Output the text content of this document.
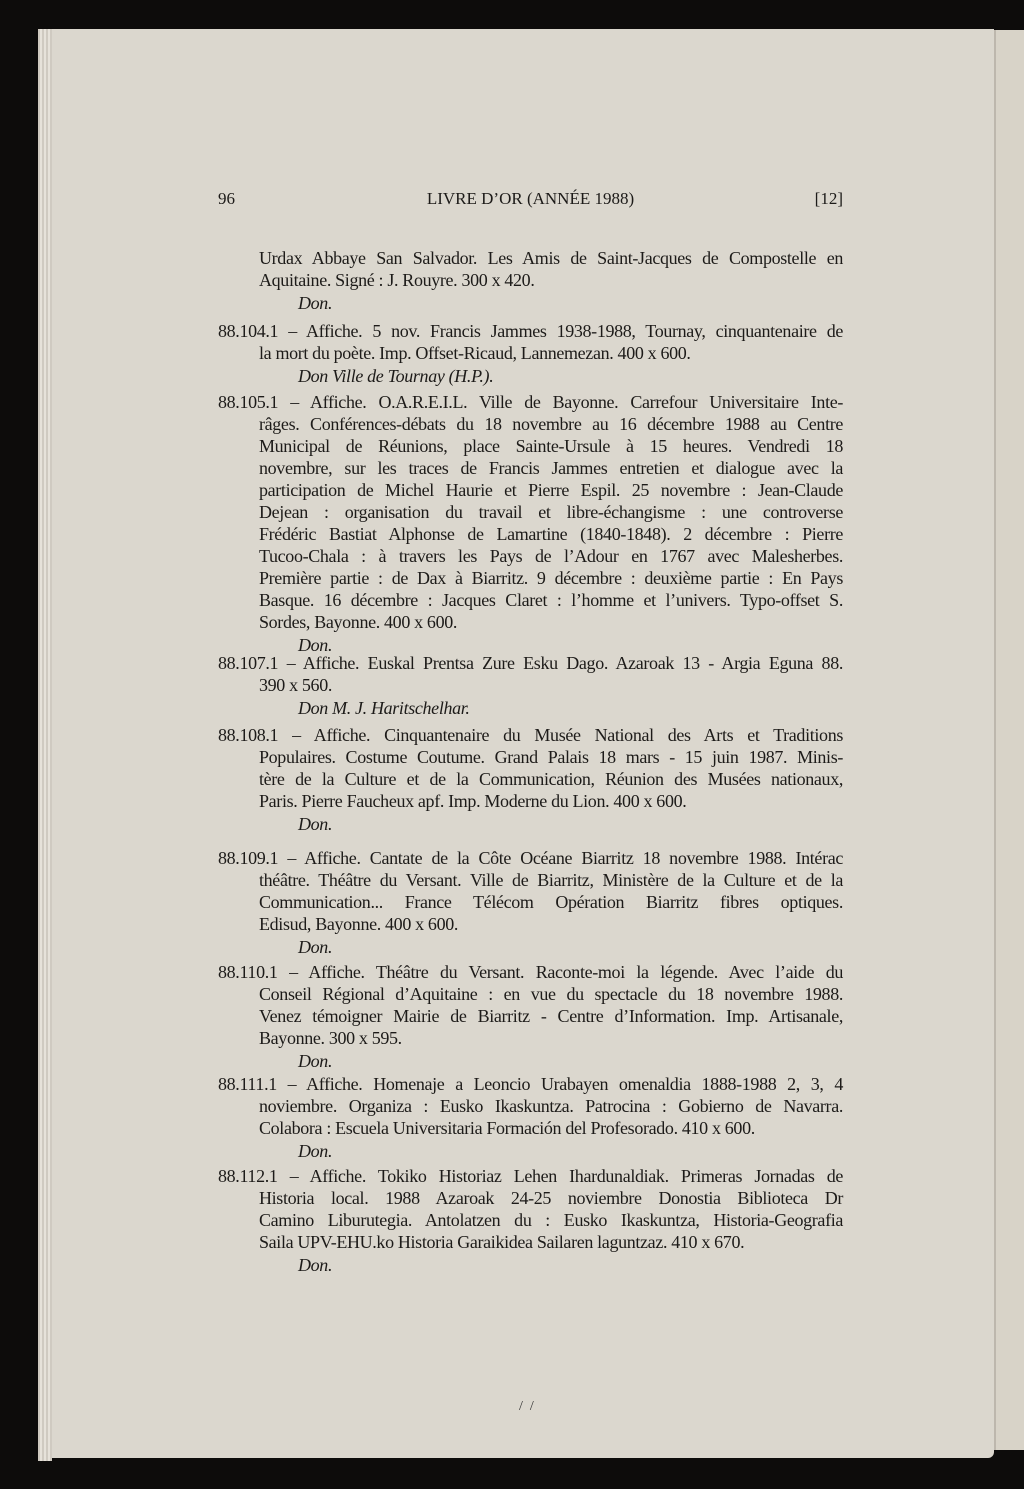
96	LIVRE D’OR (ANNÉE 1988)	[12]
Urdax Abbaye San Salvador. Les Amis de Saint-Jacques de Compostelle en
Aquitaine. Signé : J. Rouyre. 300 x 420.
Don.
88.104.1 – Affiche. 5 nov. Francis Jammes 1938-1988, Tournay, cinquantenaire de
la mort du poète. Imp. Offset-Ricaud, Lannemezan. 400 x 600.
Don Ville de Tournay (H.P.).
88.105.1 – Affiche. O.A.R.E.I.L. Ville de Bayonne. Carrefour Universitaire Inte-
râges. Conférences-débats du 18 novembre au 16 décembre 1988 au Centre
Municipal de Réunions, place Sainte-Ursule à 15 heures. Vendredi 18
novembre, sur les traces de Francis Jammes entretien et dialogue avec la
participation de Michel Haurie et Pierre Espil. 25 novembre : Jean-Claude
Dejean : organisation du travail et libre-échangisme : une controverse
Frédéric Bastiat Alphonse de Lamartine (1840-1848). 2 décembre : Pierre
Tucoo-Chala : à travers les Pays de l’Adour en 1767 avec Malesherbes.
Première partie : de Dax à Biarritz. 9 décembre : deuxième partie : En Pays
Basque. 16 décembre : Jacques Claret : l’homme et l’univers. Typo-offset S.
Sordes, Bayonne. 400 x 600.
Don.
88.107.1 – Affiche. Euskal Prentsa Zure Esku Dago. Azaroak 13 - Argia Eguna 88.
390 x 560.
Don M. J. Haritschelhar.
88.108.1 – Affiche. Cinquantenaire du Musée National des Arts et Traditions
Populaires. Costume Coutume. Grand Palais 18 mars - 15 juin 1987. Minis-
tère de la Culture et de la Communication, Réunion des Musées nationaux,
Paris. Pierre Faucheux apf. Imp. Moderne du Lion. 400 x 600.
Don.
88.109.1 – Affiche. Cantate de la Côte Océane Biarritz 18 novembre 1988. Intérac
théâtre. Théâtre du Versant. Ville de Biarritz, Ministère de la Culture et de la
Communication... France Télécom Opération Biarritz fibres optiques.
Edisud, Bayonne. 400 x 600.
Don.
88.110.1 – Affiche. Théâtre du Versant. Raconte-moi la légende. Avec l’aide du
Conseil Régional d’Aquitaine : en vue du spectacle du 18 novembre 1988.
Venez témoigner Mairie de Biarritz - Centre d’Information. Imp. Artisanale,
Bayonne. 300 x 595.
Don.
88.111.1 – Affiche. Homenaje a Leoncio Urabayen omenaldia 1888-1988 2, 3, 4
noviembre. Organiza : Eusko Ikaskuntza. Patrocina : Gobierno de Navarra.
Colabora : Escuela Universitaria Formación del Profesorado. 410 x 600.
Don.
88.112.1 – Affiche. Tokiko Historiaz Lehen Ihardunaldiak. Primeras Jornadas de
Historia local. 1988 Azaroak 24-25 noviembre Donostia Biblioteca Dr
Camino Liburutegia. Antolatzen du : Eusko Ikaskuntza, Historia-Geografia
Saila UPV-EHU.ko Historia Garaikidea Sailaren laguntzaz. 410 x 670.
Don.
/  /
